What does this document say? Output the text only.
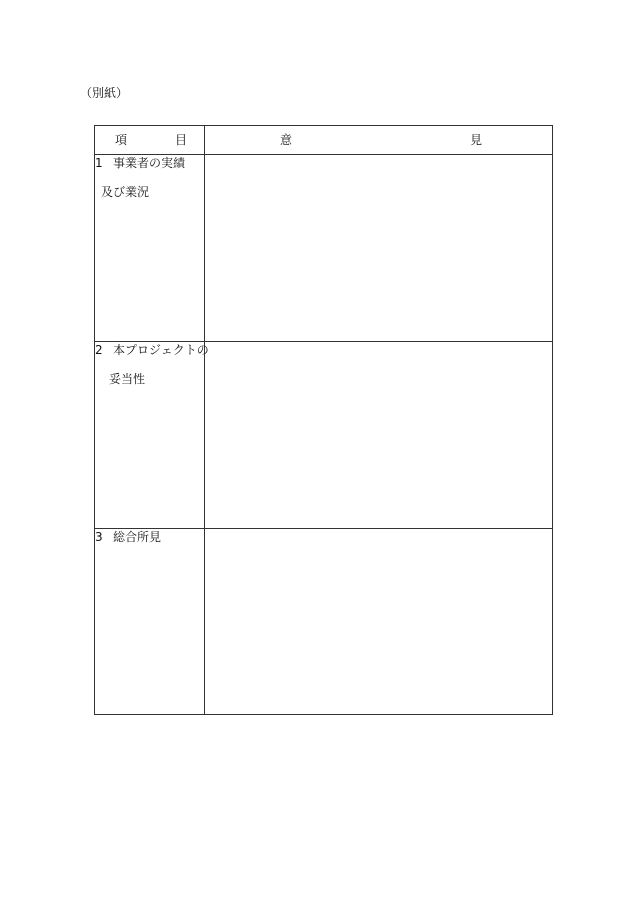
（別紙）
項 目	意 見

1 事業者の実績
及び業況	

2 本プロジェクトの
妥当性	

3 総合所見	
